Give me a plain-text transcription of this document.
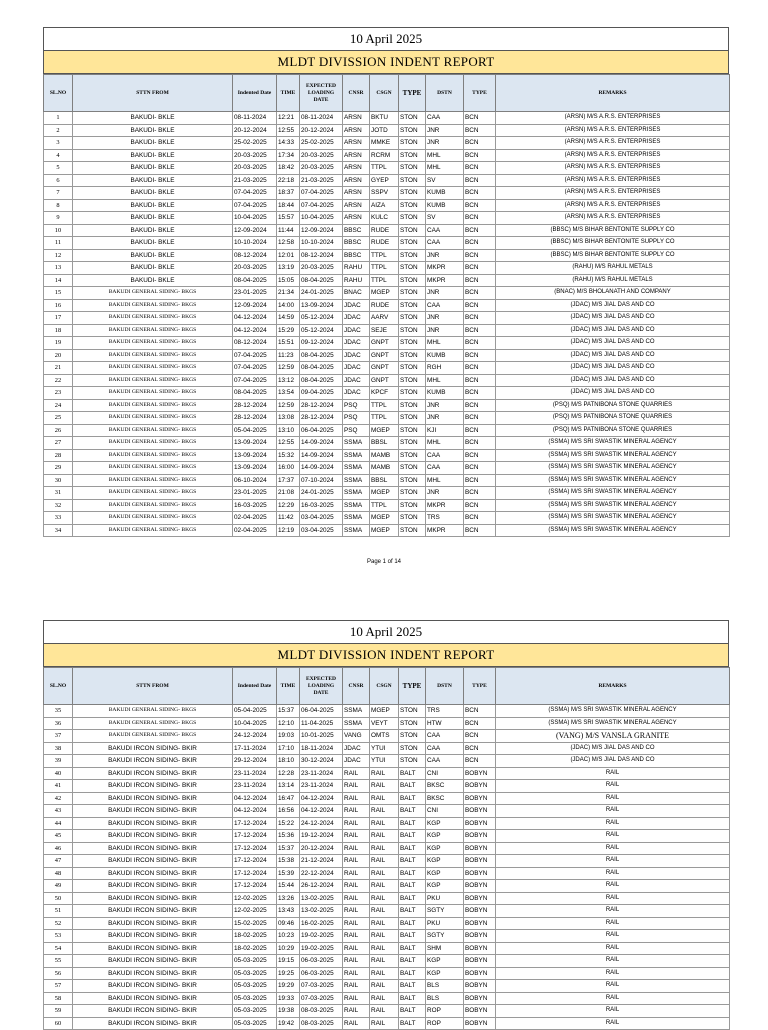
10 April 2025
MLDT DIVISSION INDENT REPORT
SL.NO	STTN FROM	Indented Date	TIME	EXPECTED LOADING DATE	CNSR	CSGN	TYPE	DSTN	TYPE	REMARKS
1	BAKUDI- BKLE	08-11-2024	12:21	08-11-2024	ARSN	BKTU	STON	CAA	BCN	(ARSN) M/S A.R.S. ENTERPRISES
2	BAKUDI- BKLE	20-12-2024	12:55	20-12-2024	ARSN	JOTD	STON	JNR	BCN	(ARSN) M/S A.R.S. ENTERPRISES
3	BAKUDI- BKLE	25-02-2025	14:33	25-02-2025	ARSN	MMKE	STON	JNR	BCN	(ARSN) M/S A.R.S. ENTERPRISES
4	BAKUDI- BKLE	20-03-2025	17:34	20-03-2025	ARSN	RCRM	STON	MHL	BCN	(ARSN) M/S A.R.S. ENTERPRISES
5	BAKUDI- BKLE	20-03-2025	18:42	20-03-2025	ARSN	TTPL	STON	MHL	BCN	(ARSN) M/S A.R.S. ENTERPRISES
6	BAKUDI- BKLE	21-03-2025	22:18	21-03-2025	ARSN	GYEP	STON	SV	BCN	(ARSN) M/S A.R.S. ENTERPRISES
7	BAKUDI- BKLE	07-04-2025	18:37	07-04-2025	ARSN	SSPV	STON	KUMB	BCN	(ARSN) M/S A.R.S. ENTERPRISES
8	BAKUDI- BKLE	07-04-2025	18:44	07-04-2025	ARSN	AIZA	STON	KUMB	BCN	(ARSN) M/S A.R.S. ENTERPRISES
9	BAKUDI- BKLE	10-04-2025	15:57	10-04-2025	ARSN	KULC	STON	SV	BCN	(ARSN) M/S A.R.S. ENTERPRISES
10	BAKUDI- BKLE	12-09-2024	11:44	12-09-2024	BBSC	RUDE	STON	CAA	BCN	(BBSC) M/S BIHAR BENTONITE SUPPLY CO
11	BAKUDI- BKLE	10-10-2024	12:58	10-10-2024	BBSC	RUDE	STON	CAA	BCN	(BBSC) M/S BIHAR BENTONITE SUPPLY CO
12	BAKUDI- BKLE	08-12-2024	12:01	08-12-2024	BBSC	TTPL	STON	JNR	BCN	(BBSC) M/S BIHAR BENTONITE SUPPLY CO
13	BAKUDI- BKLE	20-03-2025	13:19	20-03-2025	RAHU	TTPL	STON	MKPR	BCN	(RAHU) M/S RAHUL METALS
14	BAKUDI- BKLE	08-04-2025	15:05	08-04-2025	RAHU	TTPL	STON	MKPR	BCN	(RAHU) M/S RAHUL METALS
15	BAKUDI GENERAL SIDING- BKGS	23-01-2025	21:34	24-01-2025	BNAC	MGEP	STON	JNR	BCN	(BNAC) M/S BHOLANATH AND COMPANY
16	BAKUDI GENERAL SIDING- BKGS	12-09-2024	14:00	13-09-2024	JDAC	RUDE	STON	CAA	BCN	(JDAC) M/S JIAL DAS AND CO
17	BAKUDI GENERAL SIDING- BKGS	04-12-2024	14:59	05-12-2024	JDAC	AARV	STON	JNR	BCN	(JDAC) M/S JIAL DAS AND CO
18	BAKUDI GENERAL SIDING- BKGS	04-12-2024	15:29	05-12-2024	JDAC	SEJE	STON	JNR	BCN	(JDAC) M/S JIAL DAS AND CO
19	BAKUDI GENERAL SIDING- BKGS	08-12-2024	15:51	09-12-2024	JDAC	GNPT	STON	MHL	BCN	(JDAC) M/S JIAL DAS AND CO
20	BAKUDI GENERAL SIDING- BKGS	07-04-2025	11:23	08-04-2025	JDAC	GNPT	STON	KUMB	BCN	(JDAC) M/S JIAL DAS AND CO
21	BAKUDI GENERAL SIDING- BKGS	07-04-2025	12:59	08-04-2025	JDAC	GNPT	STON	RGH	BCN	(JDAC) M/S JIAL DAS AND CO
22	BAKUDI GENERAL SIDING- BKGS	07-04-2025	13:12	08-04-2025	JDAC	GNPT	STON	MHL	BCN	(JDAC) M/S JIAL DAS AND CO
23	BAKUDI GENERAL SIDING- BKGS	08-04-2025	13:54	09-04-2025	JDAC	KPCF	STON	KUMB	BCN	(JDAC) M/S JIAL DAS AND CO
24	BAKUDI GENERAL SIDING- BKGS	28-12-2024	12:59	28-12-2024	PSQ	TTPL	STON	JNR	BCN	(PSQ) M/S PATNIBONA STONE QUARRIES
25	BAKUDI GENERAL SIDING- BKGS	28-12-2024	13:08	28-12-2024	PSQ	TTPL	STON	JNR	BCN	(PSQ) M/S PATNIBONA STONE QUARRIES
26	BAKUDI GENERAL SIDING- BKGS	05-04-2025	13:10	06-04-2025	PSQ	MGEP	STON	KJI	BCN	(PSQ) M/S PATNIBONA STONE QUARRIES
27	BAKUDI GENERAL SIDING- BKGS	13-09-2024	12:55	14-09-2024	SSMA	BBSL	STON	MHL	BCN	(SSMA) M/S SRI SWASTIK MINERAL AGENCY
28	BAKUDI GENERAL SIDING- BKGS	13-09-2024	15:32	14-09-2024	SSMA	MAMB	STON	CAA	BCN	(SSMA) M/S SRI SWASTIK MINERAL AGENCY
29	BAKUDI GENERAL SIDING- BKGS	13-09-2024	16:00	14-09-2024	SSMA	MAMB	STON	CAA	BCN	(SSMA) M/S SRI SWASTIK MINERAL AGENCY
30	BAKUDI GENERAL SIDING- BKGS	06-10-2024	17:37	07-10-2024	SSMA	BBSL	STON	MHL	BCN	(SSMA) M/S SRI SWASTIK MINERAL AGENCY
31	BAKUDI GENERAL SIDING- BKGS	23-01-2025	21:08	24-01-2025	SSMA	MGEP	STON	JNR	BCN	(SSMA) M/S SRI SWASTIK MINERAL AGENCY
32	BAKUDI GENERAL SIDING- BKGS	16-03-2025	12:29	16-03-2025	SSMA	TTPL	STON	MKPR	BCN	(SSMA) M/S SRI SWASTIK MINERAL AGENCY
33	BAKUDI GENERAL SIDING- BKGS	02-04-2025	11:42	03-04-2025	SSMA	MGEP	STON	TRS	BCN	(SSMA) M/S SRI SWASTIK MINERAL AGENCY
34	BAKUDI GENERAL SIDING- BKGS	02-04-2025	12:19	03-04-2025	SSMA	MGEP	STON	MKPR	BCN	(SSMA) M/S SRI SWASTIK MINERAL AGENCY
Page 1 of 14
10 April 2025
MLDT DIVISSION INDENT REPORT
SL.NO	STTN FROM	Indented Date	TIME	EXPECTED LOADING DATE	CNSR	CSGN	TYPE	DSTN	TYPE	REMARKS
35	BAKUDI GENERAL SIDING- BKGS	05-04-2025	15:37	06-04-2025	SSMA	MGEP	STON	TRS	BCN	(SSMA) M/S SRI SWASTIK MINERAL AGENCY
36	BAKUDI GENERAL SIDING- BKGS	10-04-2025	12:10	11-04-2025	SSMA	VEYT	STON	HTW	BCN	(SSMA) M/S SRI SWASTIK MINERAL AGENCY
37	BAKUDI GENERAL SIDING- BKGS	24-12-2024	19:03	10-01-2025	VANG	OMTS	STON	CAA	BCN	(VANG) M/S VANSLA GRANITE
38	BAKUDI IRCON SIDING- BKIR	17-11-2024	17:10	18-11-2024	JDAC	YTUI	STON	CAA	BCN	(JDAC) M/S JIAL DAS AND CO
39	BAKUDI IRCON SIDING- BKIR	29-12-2024	18:10	30-12-2024	JDAC	YTUI	STON	CAA	BCN	(JDAC) M/S JIAL DAS AND CO
40	BAKUDI IRCON SIDING- BKIR	23-11-2024	12:28	23-11-2024	RAIL	RAIL	BALT	CNI	BOBYN	RAIL
41	BAKUDI IRCON SIDING- BKIR	23-11-2024	13:14	23-11-2024	RAIL	RAIL	BALT	BKSC	BOBYN	RAIL
42	BAKUDI IRCON SIDING- BKIR	04-12-2024	16:47	04-12-2024	RAIL	RAIL	BALT	BKSC	BOBYN	RAIL
43	BAKUDI IRCON SIDING- BKIR	04-12-2024	16:56	04-12-2024	RAIL	RAIL	BALT	CNI	BOBYN	RAIL
44	BAKUDI IRCON SIDING- BKIR	17-12-2024	15:22	24-12-2024	RAIL	RAIL	BALT	KGP	BOBYN	RAIL
45	BAKUDI IRCON SIDING- BKIR	17-12-2024	15:36	19-12-2024	RAIL	RAIL	BALT	KGP	BOBYN	RAIL
46	BAKUDI IRCON SIDING- BKIR	17-12-2024	15:37	20-12-2024	RAIL	RAIL	BALT	KGP	BOBYN	RAIL
47	BAKUDI IRCON SIDING- BKIR	17-12-2024	15:38	21-12-2024	RAIL	RAIL	BALT	KGP	BOBYN	RAIL
48	BAKUDI IRCON SIDING- BKIR	17-12-2024	15:39	22-12-2024	RAIL	RAIL	BALT	KGP	BOBYN	RAIL
49	BAKUDI IRCON SIDING- BKIR	17-12-2024	15:44	26-12-2024	RAIL	RAIL	BALT	KGP	BOBYN	RAIL
50	BAKUDI IRCON SIDING- BKIR	12-02-2025	13:26	13-02-2025	RAIL	RAIL	BALT	PKU	BOBYN	RAIL
51	BAKUDI IRCON SIDING- BKIR	12-02-2025	13:43	13-02-2025	RAIL	RAIL	BALT	SGTY	BOBYN	RAIL
52	BAKUDI IRCON SIDING- BKIR	15-02-2025	09:46	16-02-2025	RAIL	RAIL	BALT	PKU	BOBYN	RAIL
53	BAKUDI IRCON SIDING- BKIR	18-02-2025	10:23	19-02-2025	RAIL	RAIL	BALT	SGTY	BOBYN	RAIL
54	BAKUDI IRCON SIDING- BKIR	18-02-2025	10:29	19-02-2025	RAIL	RAIL	BALT	SHM	BOBYN	RAIL
55	BAKUDI IRCON SIDING- BKIR	05-03-2025	19:15	06-03-2025	RAIL	RAIL	BALT	KGP	BOBYN	RAIL
56	BAKUDI IRCON SIDING- BKIR	05-03-2025	19:25	06-03-2025	RAIL	RAIL	BALT	KGP	BOBYN	RAIL
57	BAKUDI IRCON SIDING- BKIR	05-03-2025	19:29	07-03-2025	RAIL	RAIL	BALT	BLS	BOBYN	RAIL
58	BAKUDI IRCON SIDING- BKIR	05-03-2025	19:33	07-03-2025	RAIL	RAIL	BALT	BLS	BOBYN	RAIL
59	BAKUDI IRCON SIDING- BKIR	05-03-2025	19:38	08-03-2025	RAIL	RAIL	BALT	ROP	BOBYN	RAIL
60	BAKUDI IRCON SIDING- BKIR	05-03-2025	19:42	08-03-2025	RAIL	RAIL	BALT	ROP	BOBYN	RAIL
